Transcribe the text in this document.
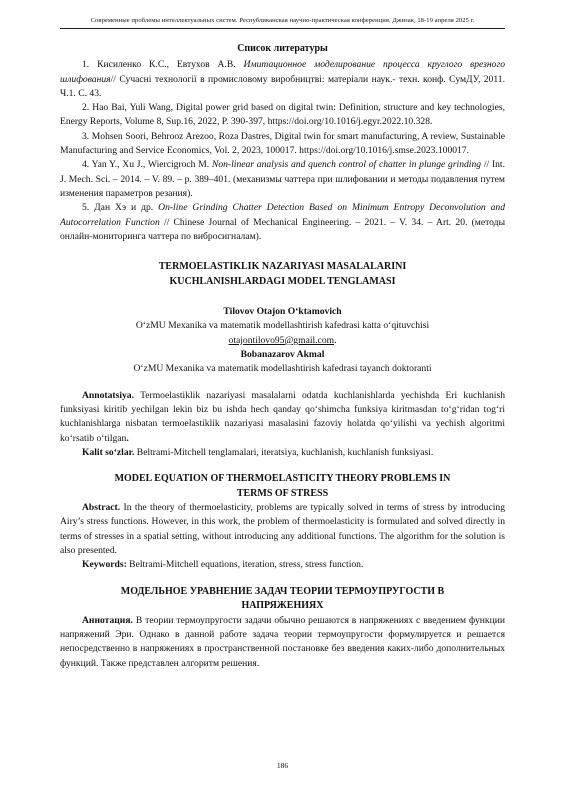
Современные проблемы интеллектуальных систем. Республиканская научно-практическая конференция. Джизак, 18-19 апреля 2025 г.
Список литературы

1. Кисиленко К.С., Евтухов А.В. Имитационное моделирование процесса круглого врезного шлифования// Сучасні технології в промисловому виробництві: матеріали наук.- техн. конф. СумДУ, 2011. Ч.1. С. 43.

2. Hao Bai, Yuli Wang, Digital power grid based on digital twin: Definition, structure and key technologies, Energy Reports, Volume 8, Sup.16, 2022, P. 390-397, https://doi.org/10.1016/j.egyr.2022.10.328.

3. Mohsen Soori, Behrooz Arezoo, Roza Dastres, Digital twin for smart manufacturing, A review, Sustainable Manufacturing and Service Economics, Vol. 2, 2023, 100017. https://doi.org/10.1016/j.smse.2023.100017.

4. Yan Y., Xu J., Wiercigroch M. Non-linear analysis and quench control of chatter in plunge grinding // Int. J. Mech. Sci. – 2014. – V. 89. – р. 389–401. (механизмы чаттера при шлифовании и методы подавления путем изменения параметров резания).

5. Дан Хэ и др. On-line Grinding Chatter Detection Based on Minimum Entropy Deconvolution and Autocorrelation Function // Chinese Journal of Mechanical Engineering. – 2021. – V. 34. – Art. 20. (методы онлайн-мониторинга чаттера по вибросигналам).

TERMOELASTIKLIK NAZARIYASI MASALALARINI

KUCHLANISHLARDAGI MODEL TENGLAMASI

Tilovov Otajon Oʻktamovich

OʻzMU Mexanika va matematik modellashtirish kafedrasi katta oʻqituvchisi

otajontilovo95@gmail.com.

Bobanazarov Akmal

OʻzMU Mexanika va matematik modellashtirish kafedrasi tayanch doktoranti

Annotatsiya. Termoelastiklik nazariyasi masalalarni odatda kuchlanishlarda yechishda Eri kuchlanish funksiyasi kiritib yechilgan lekin biz bu ishda hech qanday qoʻshimcha funksiya kiritmasdan toʻgʻridan togʻri kuchlanishlarga nisbatan termoelastiklik nazariyasi masalasini fazoviy holatda qoʻyilishi va yechish algoritmi koʻrsatib oʻtilgan.

Kalit soʻzlar. Beltrami-Mitchell tenglamalari, iteratsiya, kuchlanish, kuchlanish funksiyasi.

MODEL EQUATION OF THERMOELASTICITY THEORY PROBLEMS IN

TERMS OF STRESS

Abstract. In the theory of thermoelasticity, problems are typically solved in terms of stress by introducing Airy’s stress functions. However, in this work, the problem of thermoelasticity is formulated and solved directly in terms of stresses in a spatial setting, without introducing any additional functions. The algorithm for the solution is also presented.

Keywords: Beltrami-Mitchell equations, iteration, stress, stress function.

МОДЕЛЬНОЕ УРАВНЕНИЕ ЗАДАЧ ТЕОРИИ ТЕРМОУПРУГОСТИ В

НАПРЯЖЕНИЯХ

Аннотация. В теории термоупругости задачи обычно решаются в напряжениях с введением функции напряжений Эри. Однако в данной работе задача теории термоупругости формулируется и решается непосредственно в напряжениях в пространственной постановке без введения каких-либо дополнительных функций. Также представлен алгоритм решения.

186
